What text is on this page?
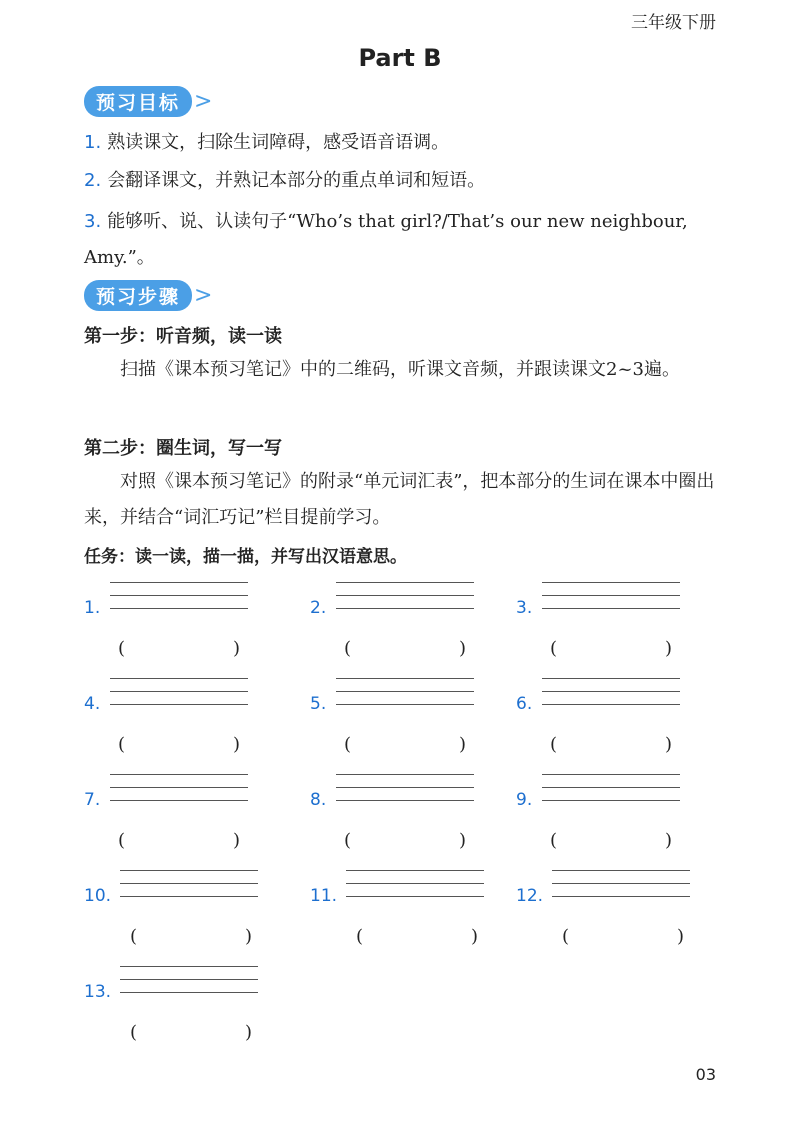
三年级下册
Part B
预习目标 >
1. 熟读课文，扫除生词障碍，感受语音语调。
2. 会翻译课文，并熟记本部分的重点单词和短语。
3. 能够听、说、认读句子“Who’s that girl?/That’s our new neighbour, Amy.”。
预习步骤 >
第一步：听音频，读一读
扫描《课本预习笔记》中的二维码，听课文音频，并跟读课文2~3遍。
第二步：圈生词，写一写
对照《课本预习笔记》的附录“单元词汇表”，把本部分的生词在课本中圈出来，并结合“词汇巧记”栏目提前学习。
任务：读一读，描一描，并写出汉语意思。
1.
(	)
2.
(	)
3.
(	)
4.
(	)
5.
(	)
6.
(	)
7.
(	)
8.
(	)
9.
(	)
10.
(	)
11.
(	)
12.
(	)
13.
(	)
03
